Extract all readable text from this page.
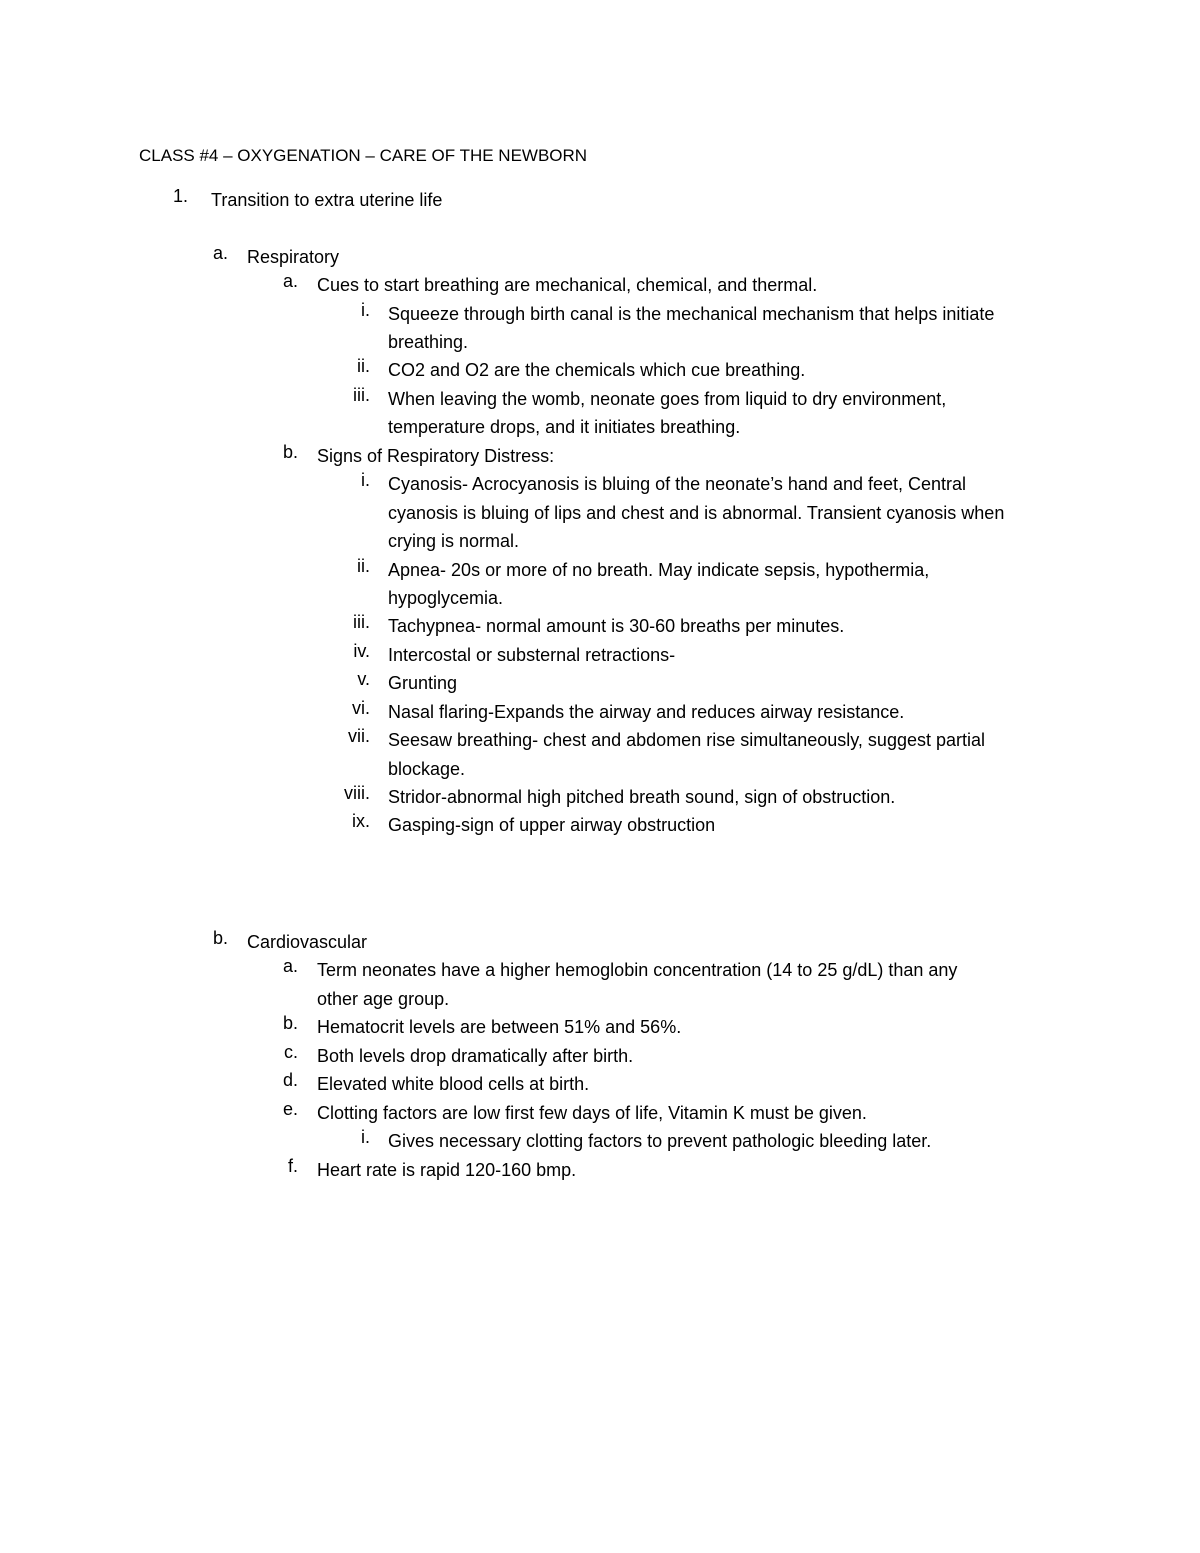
CLASS #4 – OXYGENATION – CARE OF THE NEWBORN
1. Transition to extra uterine life
a. Respiratory
a. Cues to start breathing are mechanical, chemical, and thermal.
i. Squeeze through birth canal is the mechanical mechanism that helps initiate
breathing.
ii. CO2 and O2 are the chemicals which cue breathing.
iii. When leaving the womb, neonate goes from liquid to dry environment,
temperature drops, and it initiates breathing.
b. Signs of Respiratory Distress:
i. Cyanosis- Acrocyanosis is bluing of the neonate’s hand and feet, Central
cyanosis is bluing of lips and chest and is abnormal. Transient cyanosis when
crying is normal.
ii. Apnea- 20s or more of no breath. May indicate sepsis, hypothermia,
hypoglycemia.
iii. Tachypnea- normal amount is 30-60 breaths per minutes.
iv. Intercostal or substernal retractions-
v. Grunting
vi. Nasal flaring-Expands the airway and reduces airway resistance.
vii. Seesaw breathing- chest and abdomen rise simultaneously, suggest partial
blockage.
viii. Stridor-abnormal high pitched breath sound, sign of obstruction.
ix. Gasping-sign of upper airway obstruction
b. Cardiovascular
a. Term neonates have a higher hemoglobin concentration (14 to 25 g/dL) than any
other age group.
b. Hematocrit levels are between 51% and 56%.
c. Both levels drop dramatically after birth.
d. Elevated white blood cells at birth.
e. Clotting factors are low first few days of life, Vitamin K must be given.
i. Gives necessary clotting factors to prevent pathologic bleeding later.
f. Heart rate is rapid 120-160 bmp.
